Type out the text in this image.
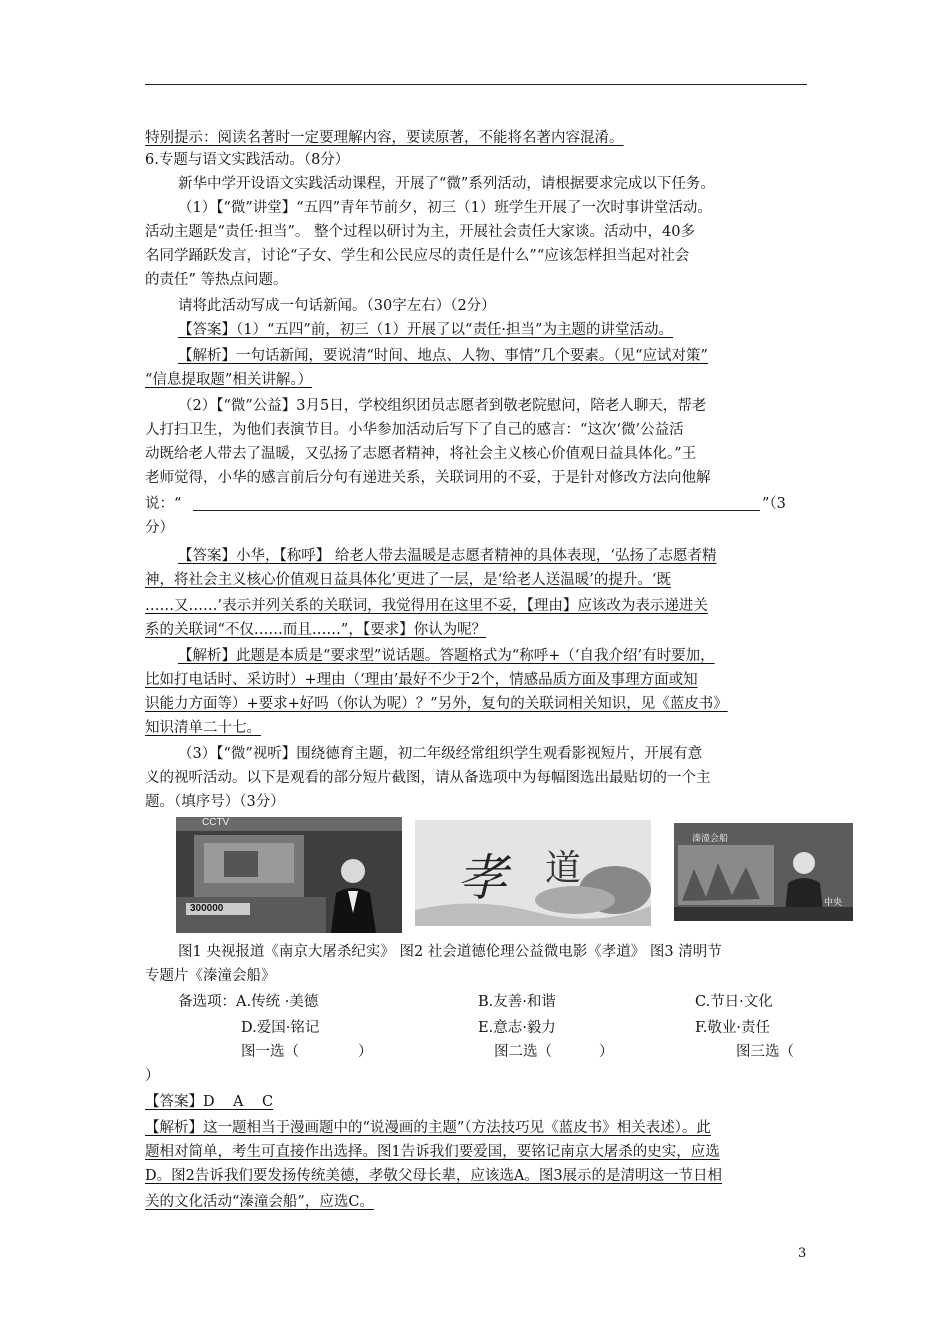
特别提示：阅读名著时一定要理解内容，要读原著，不能将名著内容混淆。
6.专题与语文实践活动。（8分）
新华中学开设语文实践活动课程，开展了“微”系列活动，请根据要求完成以下任务。
（1）【“微”讲堂】“五四”青年节前夕，初三（1）班学生开展了一次时事讲堂活动。
活动主题是“责任·担当”。 整个过程以研讨为主，开展社会责任大家谈。活动中，40多
名同学踊跃发言，讨论“子女、学生和公民应尽的责任是什么”“应该怎样担当起对社会
的责任” 等热点问题。
请将此活动写成一句话新闻。（30字左右）（2分）
【答案】（1）“五四”前，初三（1）开展了以“责任·担当”为主题的讲堂活动。
【解析】一句话新闻，要说清“时间、地点、人物、事情”几个要素。（见“应试对策”
“信息提取题”相关讲解。）
（2）【“微”公益】3月5日，学校组织团员志愿者到敬老院慰问，陪老人聊天，帮老
人打扫卫生，为他们表演节目。小华参加活动后写下了自己的感言：“这次‘微’公益活
动既给老人带去了温暖，又弘扬了志愿者精神，将社会主义核心价值观日益具体化。”王
老师觉得，小华的感言前后分句有递进关系，关联词用的不妥，于是针对修改方法向他解
说：“	”（3
分）
【答案】小华，【称呼】 给老人带去温暖是志愿者精神的具体表现，‘弘扬了志愿者精
神，将社会主义核心价值观日益具体化’更进了一层，是‘给老人送温暖’的提升。‘既
……又……’表示并列关系的关联词，我觉得用在这里不妥，【理由】应该改为表示递进关
系的关联词“不仅……而且……”，【要求】你认为呢？
【解析】此题是本质是“要求型”说话题。答题格式为“称呼+（‘自我介绍’有时要加，
比如打电话时、采访时）+理由（‘理由’最好不少于2个，情感品质方面及事理方面或知
识能力方面等）+要求+好吗（你认为呢）？”另外，复句的关联词相关知识，见《蓝皮书》
知识清单二十七。
（3）【“微”视听】围绕德育主题，初二年级经常组织学生观看影视短片，开展有意
义的视听活动。以下是观看的部分短片截图，请从备选项中为每幅图选出最贴切的一个主
题。（填序号）（3分）
CCTV
300000
孝 道
溱潼会船
中央
图1 央视报道《南京大屠杀纪实》 图2 社会道德伦理公益微电影《孝道》 图3 清明节
专题片《溱潼会船》
备选项：A.传统 ·美德	B.友善·和谐	C.节日·文化
D.爱国·铭记	E.意志·毅力	F.敬业·责任
图一选（	）	图二选（	）	图三选（
）
【答案】D    A    C
【解析】这一题相当于漫画题中的“说漫画的主题”（方法技巧见《蓝皮书》相关表述）。此
题相对简单，考生可直接作出选择。图1告诉我们要爱国，要铭记南京大屠杀的史实，应选
D。图2告诉我们要发扬传统美德，孝敬父母长辈，应该选A。图3展示的是清明这一节日相
关的文化活动“溱潼会船”，应选C。
3
